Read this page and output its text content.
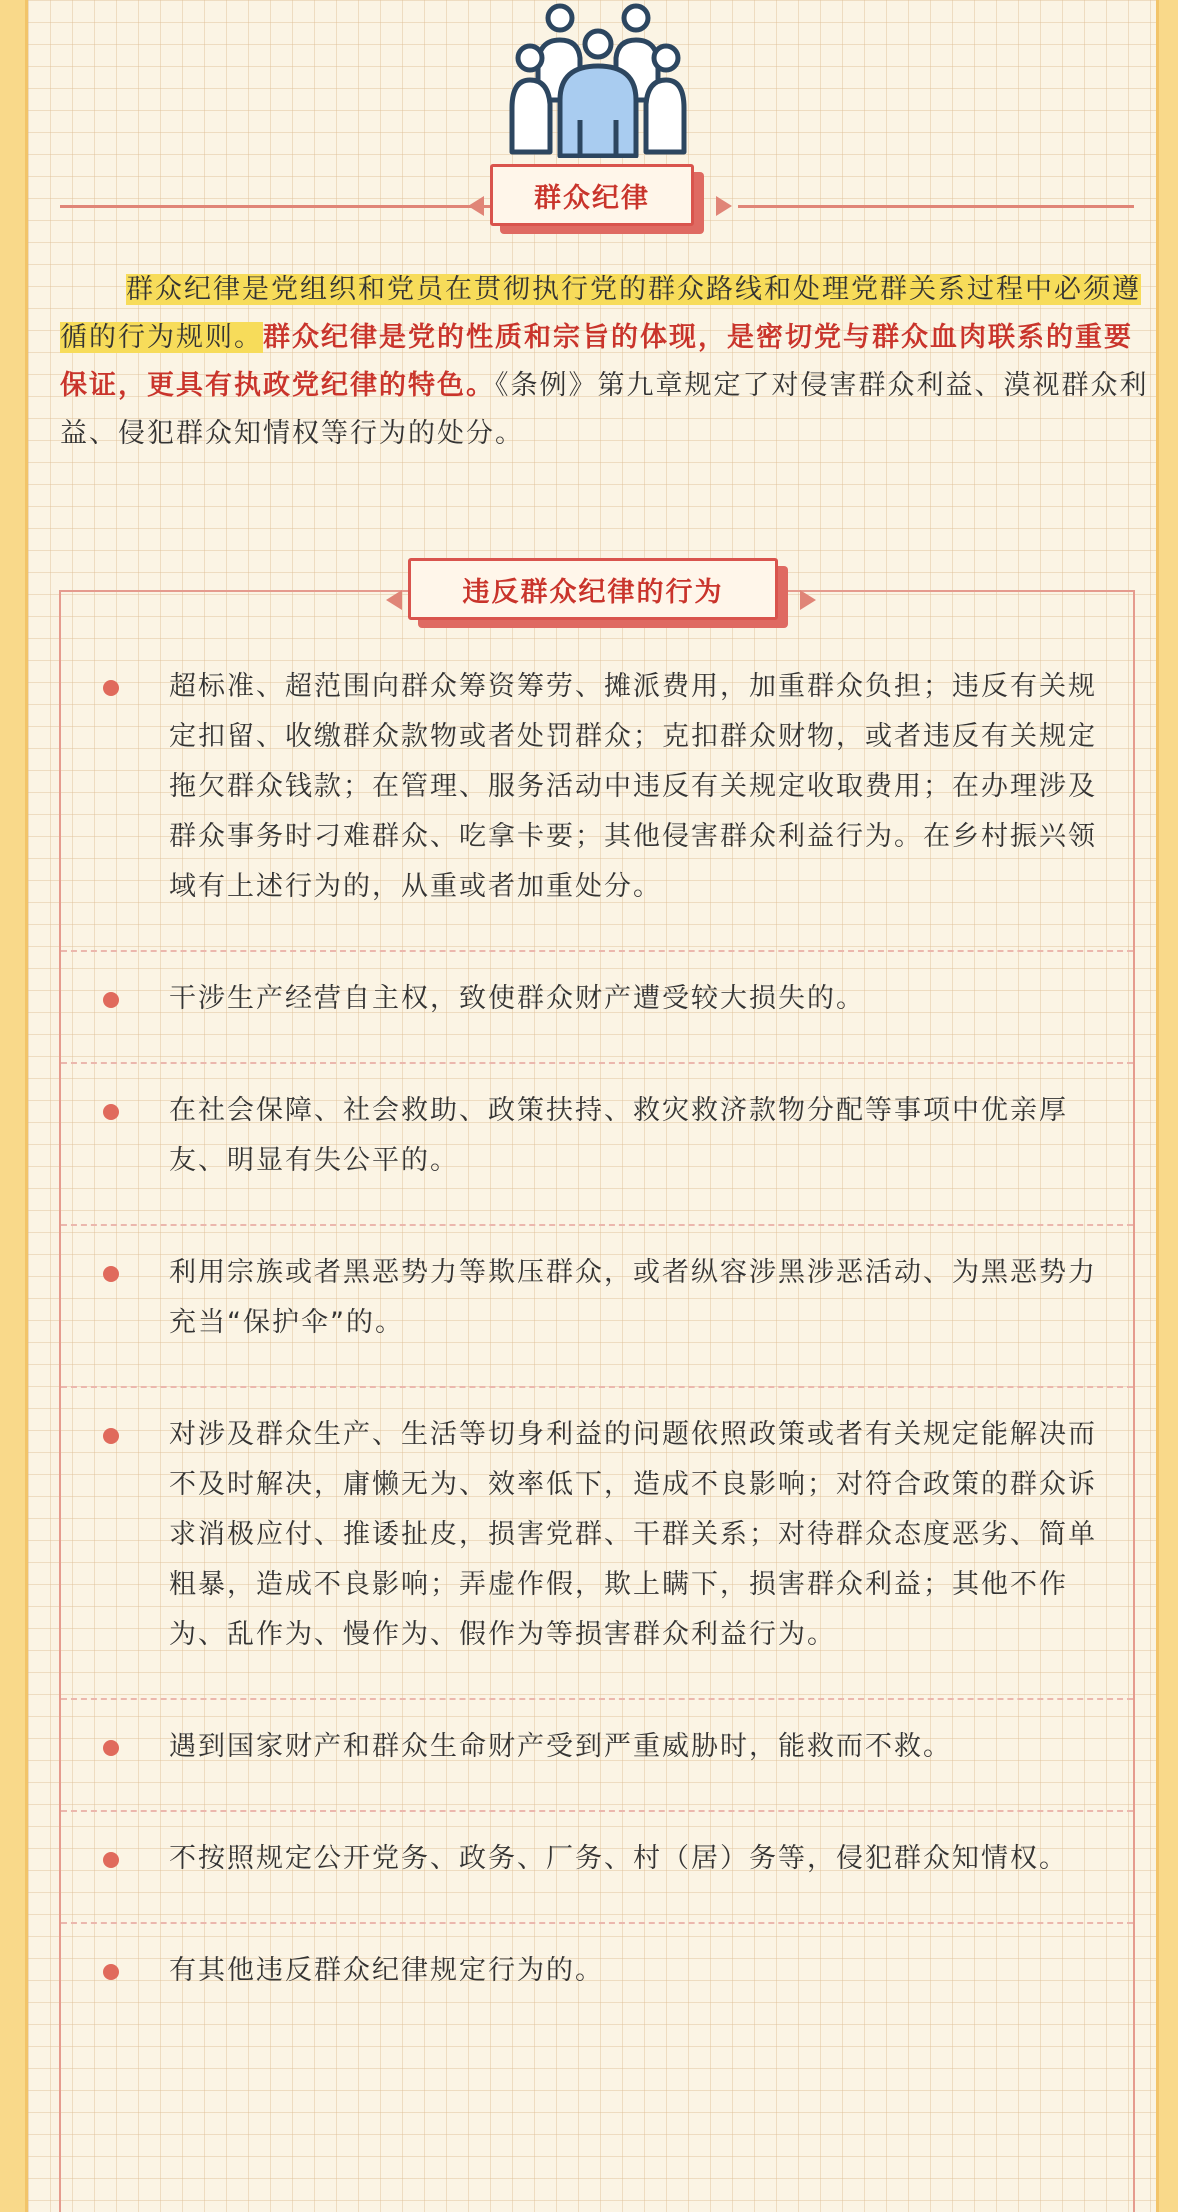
群众纪律

群众纪律是党组织和党员在贯彻执行党的群众路线和处理党群关系过程中必须遵循的行为规则。群众纪律是党的性质和宗旨的体现，是密切党与群众血肉联系的重要保证，更具有执政党纪律的特色。《条例》第九章规定了对侵害群众利益、漠视群众利益、侵犯群众知情权等行为的处分。

超标准、超范围向群众筹资筹劳、摊派费用，加重群众负担；违反有关规定扣留、收缴群众款物或者处罚群众；克扣群众财物，或者违反有关规定拖欠群众钱款；在管理、服务活动中违反有关规定收取费用；在办理涉及群众事务时刁难群众、吃拿卡要；其他侵害群众利益行为。在乡村振兴领域有上述行为的，从重或者加重处分。
干涉生产经营自主权，致使群众财产遭受较大损失的。
在社会保障、社会救助、政策扶持、救灾救济款物分配等事项中优亲厚友、明显有失公平的。
利用宗族或者黑恶势力等欺压群众，或者纵容涉黑涉恶活动、为黑恶势力充当“保护伞”的。
对涉及群众生产、生活等切身利益的问题依照政策或者有关规定能解决而不及时解决，庸懒无为、效率低下，造成不良影响；对符合政策的群众诉求消极应付、推诿扯皮，损害党群、干群关系；对待群众态度恶劣、简单粗暴，造成不良影响；弄虚作假，欺上瞒下，损害群众利益；其他不作为、乱作为、慢作为、假作为等损害群众利益行为。
遇到国家财产和群众生命财产受到严重威胁时，能救而不救。
不按照规定公开党务、政务、厂务、村（居）务等，侵犯群众知情权。
有其他违反群众纪律规定行为的。
违反群众纪律的行为
